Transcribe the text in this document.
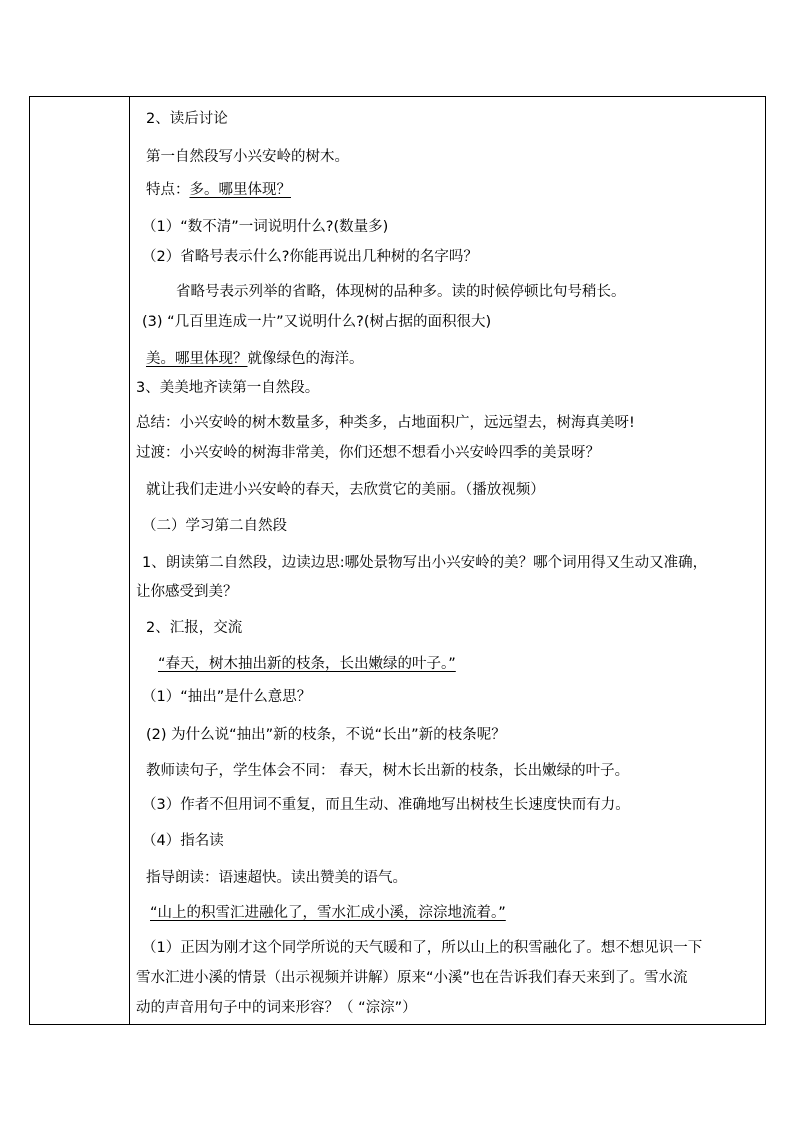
2、读后讨论
第一自然段写小兴安岭的树木。
特点：多。哪里体现？
（1）“数不清”一词说明什么?(数量多)
（2）省略号表示什么?你能再说出几种树的名字吗？
省略号表示列举的省略，体现树的品种多。读的时候停顿比句号稍长。
(3) “几百里连成一片”又说明什么?(树占据的面积很大)
美。哪里体现？就像绿色的海洋。
3、美美地齐读第一自然段。
总结：小兴安岭的树木数量多，种类多，占地面积广，远远望去，树海真美呀!
过渡：小兴安岭的树海非常美，你们还想不想看小兴安岭四季的美景呀？
就让我们走进小兴安岭的春天，去欣赏它的美丽。（播放视频）
（二）学习第二自然段
1、朗读第二自然段，边读边思:哪处景物写出小兴安岭的美？哪个词用得又生动又准确，
让你感受到美？
2、汇报，交流
“春天，树木抽出新的枝条，长出嫩绿的叶子。”
（1）“抽出”是什么意思？
(2) 为什么说“抽出”新的枝条，不说“长出”新的枝条呢？
教师读句子，学生体会不同： 春天，树木长出新的枝条，长出嫩绿的叶子。
（3）作者不但用词不重复，而且生动、准确地写出树枝生长速度快而有力。
（4）指名读
指导朗读：语速超快。读出赞美的语气。
“山上的积雪汇进融化了，雪水汇成小溪，淙淙地流着。”
（1）正因为刚才这个同学所说的天气暖和了，所以山上的积雪融化了。想不想见识一下
雪水汇进小溪的情景（出示视频并讲解）原来“小溪”也在告诉我们春天来到了。雪水流
动的声音用句子中的词来形容？（ “淙淙”）
